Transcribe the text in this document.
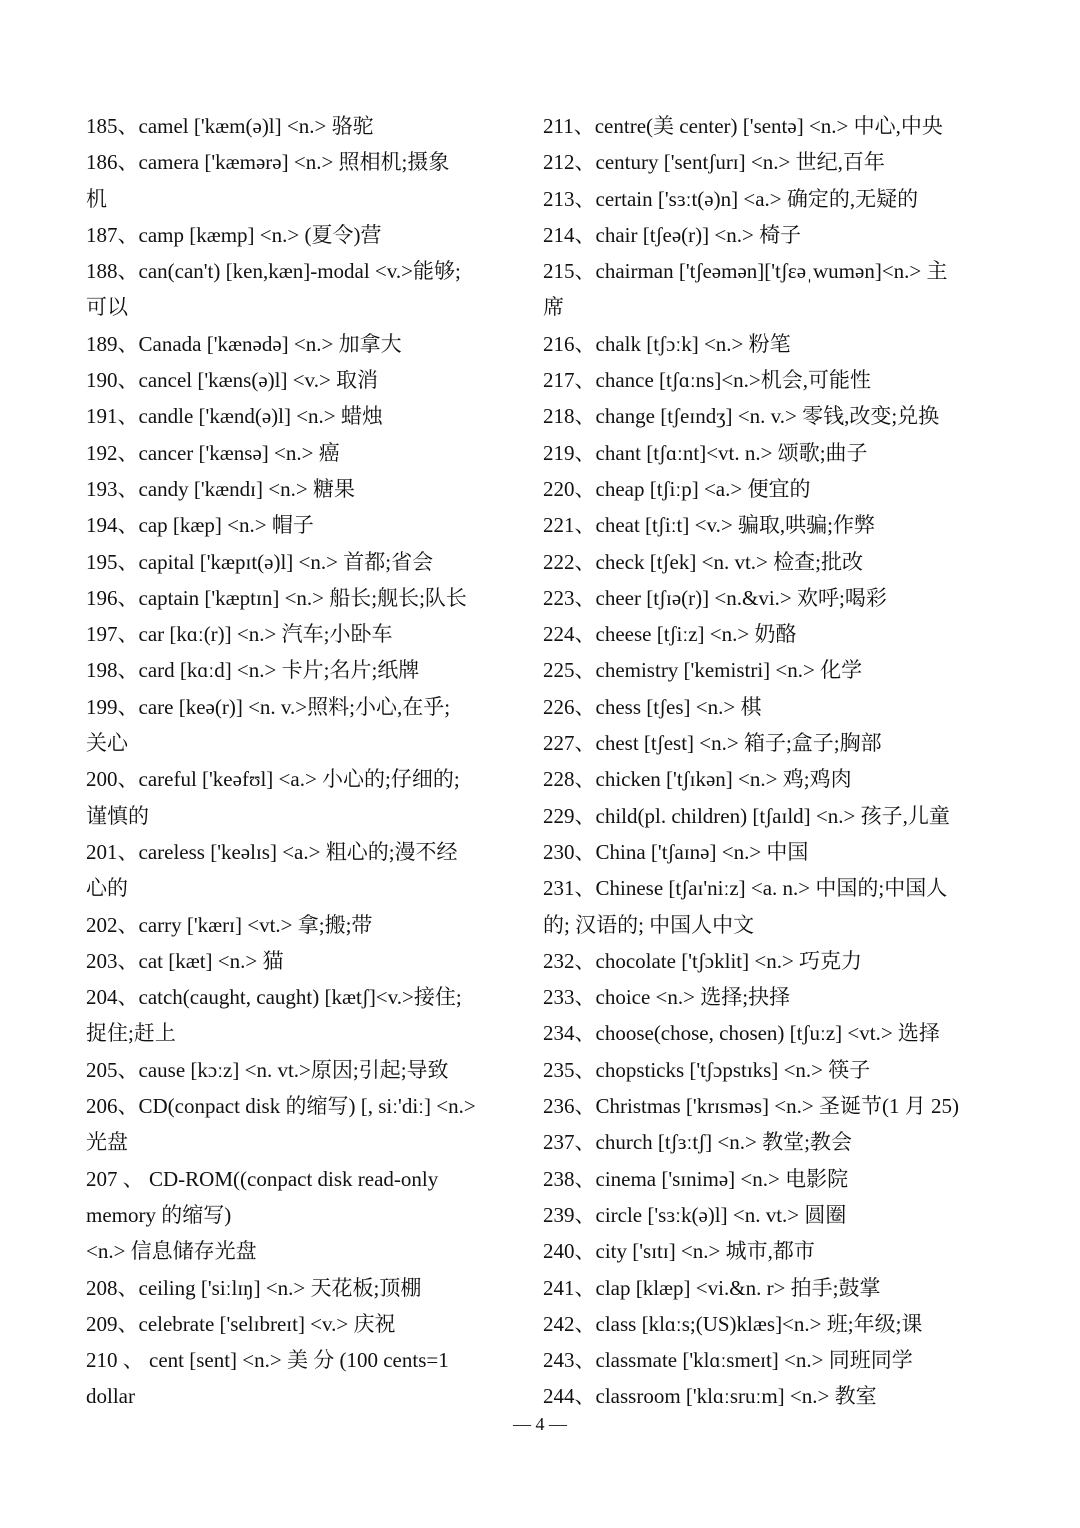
185、camel ['kæm(ə)l] <n.> 骆驼
186、camera ['kæmərə] <n.> 照相机;摄象
机
187、camp [kæmp] <n.> (夏令)营
188、can(can't) [ken,kæn]-modal <v.>能够;
可以
189、Canada ['kænədə] <n.> 加拿大
190、cancel ['kæns(ə)l] <v.> 取消
191、candle ['kænd(ə)l] <n.> 蜡烛
192、cancer ['kænsə] <n.> 癌
193、candy ['kændɪ] <n.> 糖果
194、cap [kæp] <n.> 帽子
195、capital ['kæpɪt(ə)l] <n.> 首都;省会
196、captain ['kæptɪn] <n.> 船长;舰长;队长
197、car [kɑː(r)] <n.> 汽车;小卧车
198、card [kɑːd] <n.> 卡片;名片;纸牌
199、care [keə(r)] <n. v.>照料;小心,在乎;
关心
200、careful ['keəfʊl] <a.> 小心的;仔细的;
谨慎的
201、careless ['keəlɪs] <a.> 粗心的;漫不经
心的
202、carry ['kærɪ] <vt.> 拿;搬;带
203、cat [kæt] <n.> 猫
204、catch(caught, caught) [kætʃ]<v.>接住;
捉住;赶上
205、cause [kɔːz] <n. vt.>原因;引起;导致
206、CD(conpact disk 的缩写) [, siː'diː] <n.>
光盘
207 、 CD-ROM((conpact disk read-only
memory 的缩写)
<n.> 信息储存光盘
208、ceiling ['siːlɪŋ] <n.> 天花板;顶棚
209、celebrate ['selɪbreɪt] <v.> 庆祝
210 、 cent [sent] <n.> 美 分 (100 cents=1
dollar
211、centre(美 center) ['sentə] <n.> 中心,中央
212、century ['sentʃurɪ] <n.> 世纪,百年
213、certain ['sɜːt(ə)n] <a.> 确定的,无疑的
214、chair [tʃeə(r)] <n.> 椅子
215、chairman ['tʃeəmən]['tʃɛəˌwumən]<n.> 主
席
216、chalk [tʃɔːk] <n.> 粉笔
217、chance [tʃɑːns]<n.>机会,可能性
218、change [tʃeɪndʒ] <n. v.> 零钱,改变;兑换
219、chant [tʃɑːnt]<vt. n.> 颂歌;曲子
220、cheap [tʃiːp] <a.> 便宜的
221、cheat [tʃiːt] <v.> 骗取,哄骗;作弊
222、check [tʃek] <n. vt.> 检查;批改
223、cheer [tʃɪə(r)] <n.&vi.> 欢呼;喝彩
224、cheese [tʃiːz] <n.> 奶酪
225、chemistry ['kemistri] <n.> 化学
226、chess [tʃes] <n.> 棋
227、chest [tʃest] <n.> 箱子;盒子;胸部
228、chicken ['tʃɪkən] <n.> 鸡;鸡肉
229、child(pl. children) [tʃaɪld] <n.> 孩子,儿童
230、China ['tʃaɪnə] <n.> 中国
231、Chinese [tʃaɪ'niːz] <a. n.> 中国的;中国人
的; 汉语的; 中国人中文
232、chocolate ['tʃɔklit] <n.> 巧克力
233、choice <n.> 选择;抉择
234、choose(chose, chosen) [tʃuːz] <vt.> 选择
235、chopsticks ['tʃɔpstɪks] <n.> 筷子
236、Christmas ['krɪsməs] <n.> 圣诞节(1 月 25)
237、church [tʃɜːtʃ] <n.> 教堂;教会
238、cinema ['sɪnimə] <n.> 电影院
239、circle ['sɜːk(ə)l] <n. vt.> 圆圈
240、city ['sɪtɪ] <n.> 城市,都市
241、clap [klæp] <vi.&n. r> 拍手;鼓掌
242、class [klɑːs;(US)klæs]<n.> 班;年级;课
243、classmate ['klɑːsmeɪt] <n.> 同班同学
244、classroom ['klɑːsruːm] <n.> 教室
— 4 —
